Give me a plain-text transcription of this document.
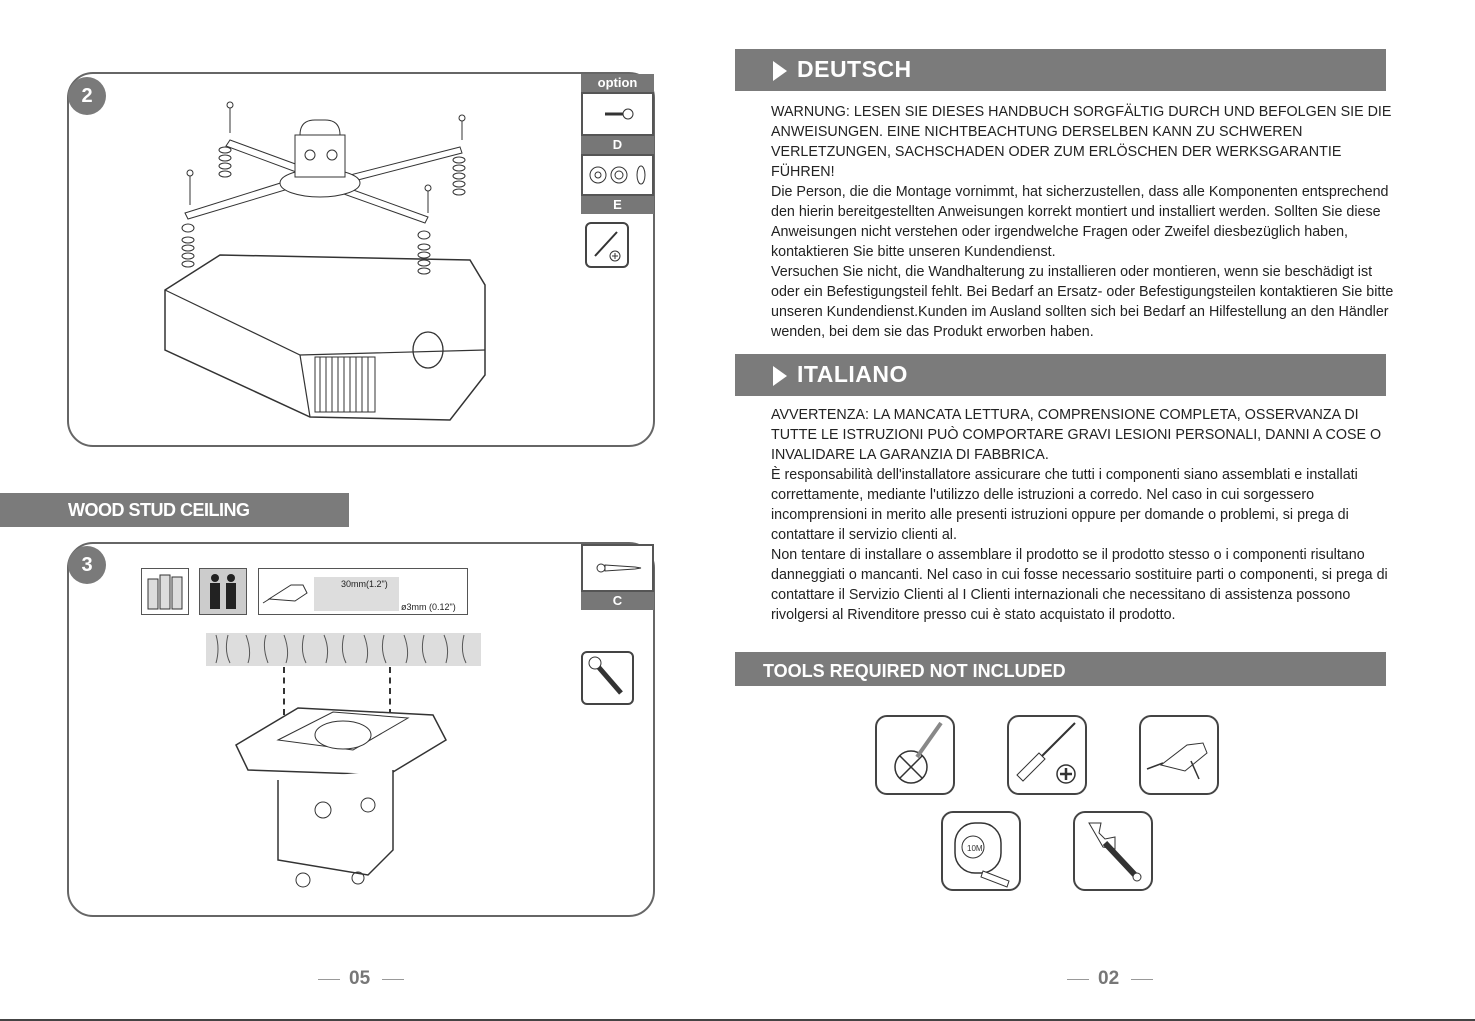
2
option
D
E
WOOD STUD CEILING
3
30mm(1.2")
ø3mm (0.12")	C
05
DEUTSCH

WARNUNG: LESEN SIE DIESES HANDBUCH SORGFÄLTIG DURCH UND BEFOLGEN SIE DIE ANWEISUNGEN. EINE NICHTBEACHTUNG DERSELBEN KANN ZU SCHWEREN VERLETZUNGEN, SACHSCHADEN ODER ZUM ERLÖSCHEN DER WERKSGARANTIE FÜHREN!

Die Person, die die Montage vornimmt, hat sicherzustellen, dass alle Komponenten entsprechend den hierin bereitgestellten Anweisungen korrekt montiert und installiert werden. Sollten Sie diese Anweisungen nicht verstehen oder irgendwelche Fragen oder Zweifel diesbezüglich haben, kontaktieren Sie bitte unseren Kundendienst.

Versuchen Sie nicht, die Wandhalterung zu installieren oder montieren, wenn sie beschädigt ist oder ein Befestigungsteil fehlt. Bei Bedarf an Ersatz- oder Befestigungsteilen kontaktieren Sie bitte unseren Kundendienst.Kunden im Ausland sollten sich bei Bedarf an Hilfestellung an den Händler wenden, bei dem sie das Produkt erworben haben.

ITALIANO

AVVERTENZA: LA MANCATA LETTURA, COMPRENSIONE COMPLETA, OSSERVANZA DI TUTTE LE ISTRUZIONI PUÒ COMPORTARE GRAVI LESIONI PERSONALI, DANNI A COSE O INVALIDARE LA GARANZIA DI FABBRICA.

È responsabilità dell'installatore assicurare che tutti i componenti siano assemblati e installati correttamente, mediante l'utilizzo delle istruzioni a corredo. Nel caso in cui sorgessero incomprensioni in merito alle presenti istruzioni oppure per domande o problemi, si prega di contattare il servizio clienti al.

Non tentare di installare o assemblare il prodotto se il prodotto stesso o i componenti risultano danneggiati o mancanti. Nel caso in cui fosse necessario sostituire parti o componenti, si prega di contattare il Servizio Clienti al I Clienti internazionali che necessitano di assistenza possono rivolgersi al Rivenditore presso cui è stato acquistato il prodotto.

TOOLS REQUIRED NOT INCLUDED
10M
02
